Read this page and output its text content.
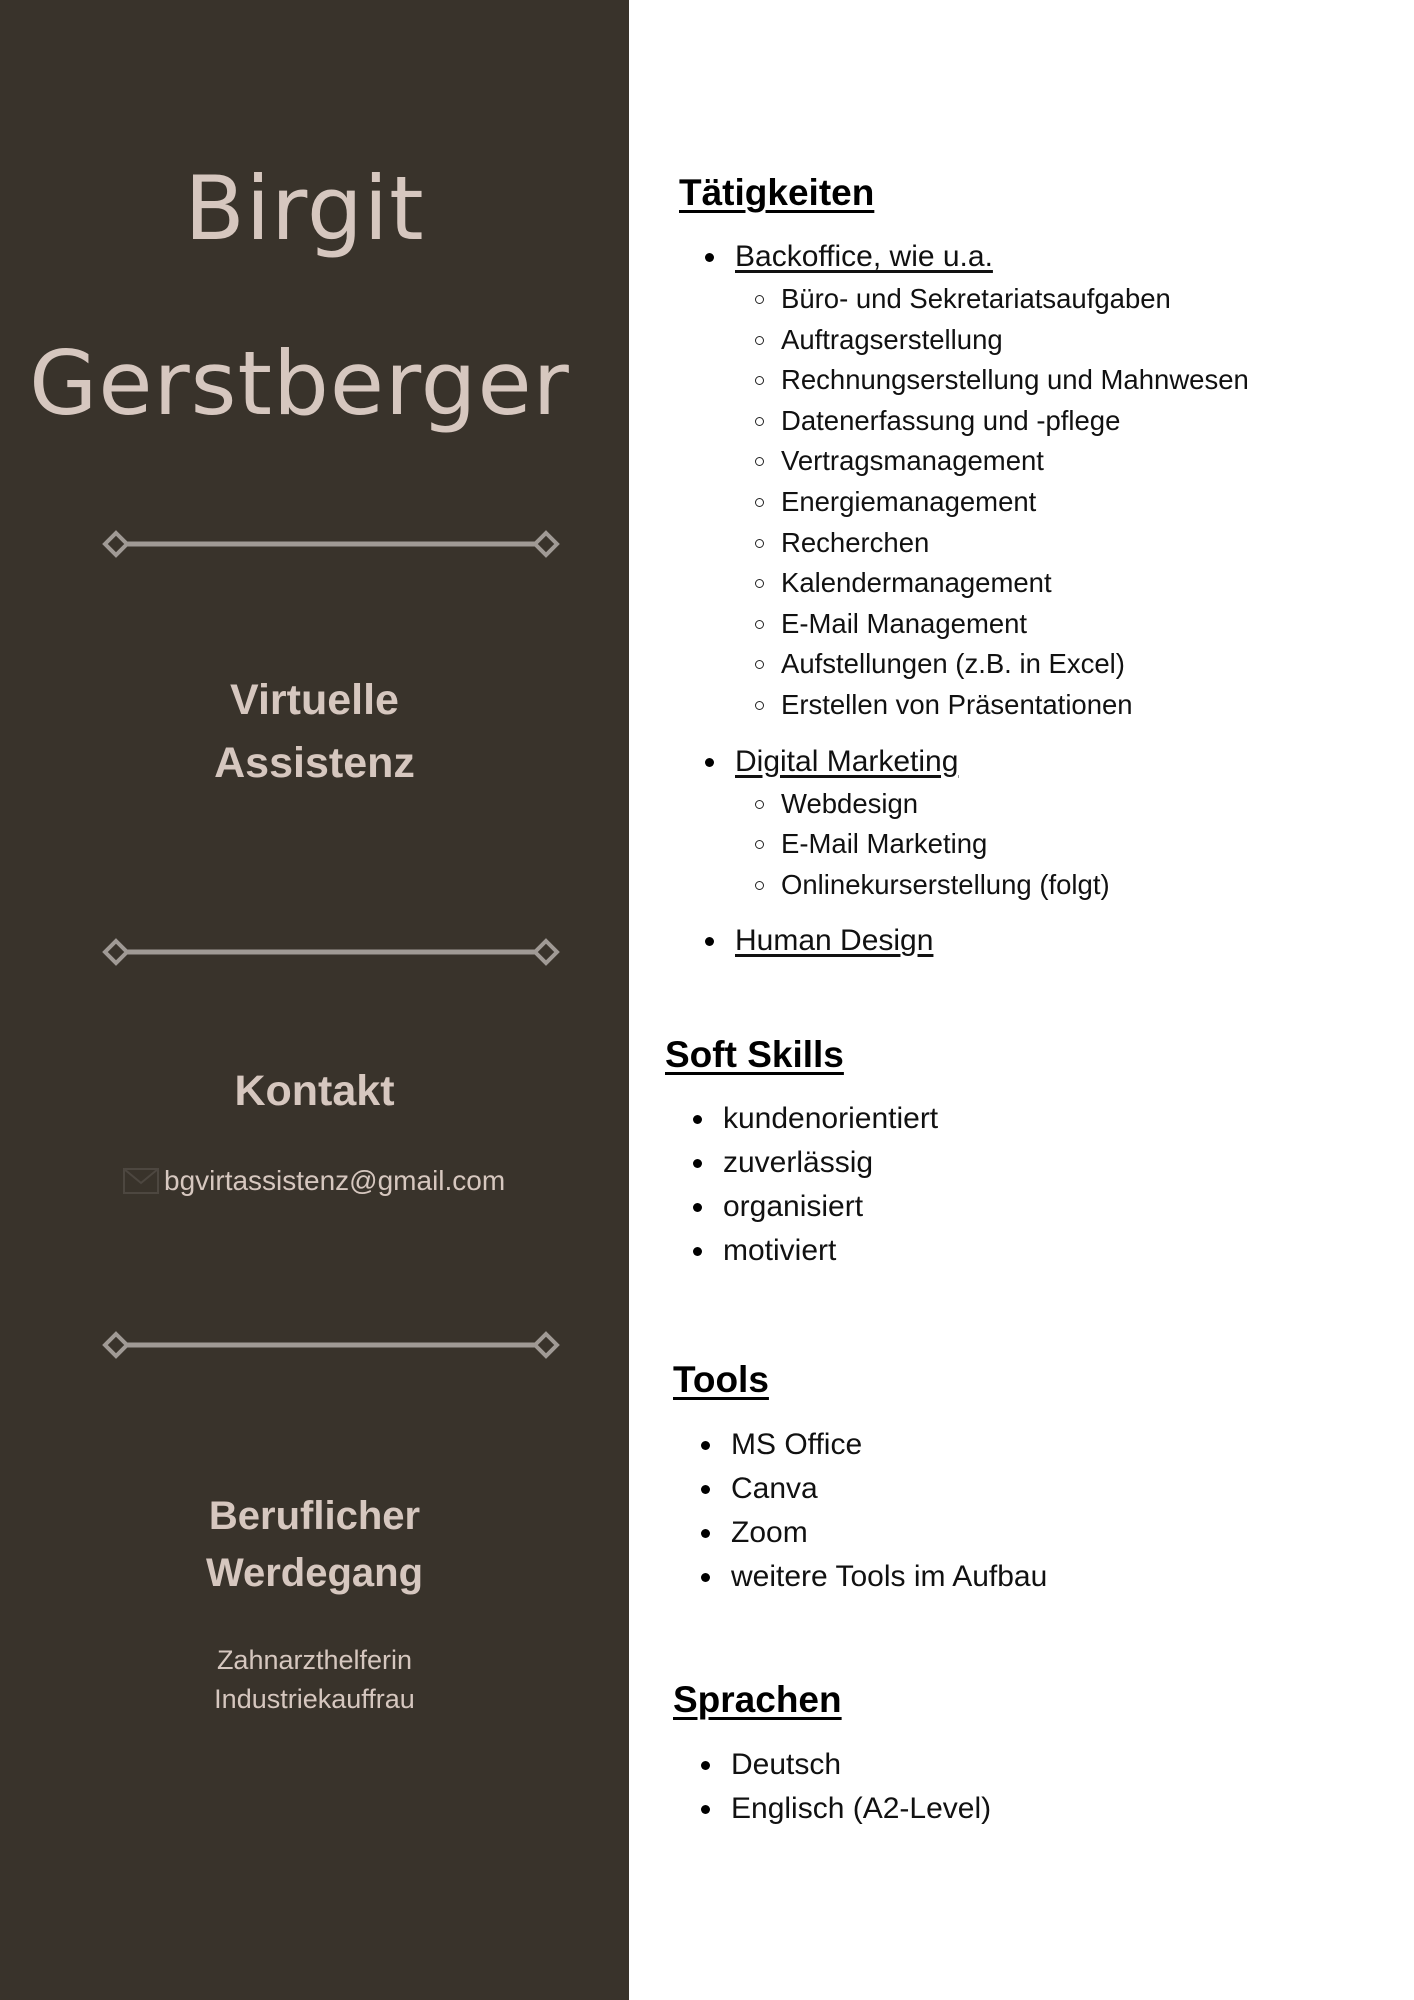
Birgit
Gerstberger
Virtuelle
Assistenz
Kontakt
bgvirtassistenz@gmail.com
Beruflicher
Werdegang
Zahnarzthelferin
Industriekauffrau
Tätigkeiten
Backoffice, wie u.a.
Büro- und Sekretariatsaufgaben
Auftragserstellung
Rechnungserstellung und Mahnwesen
Datenerfassung und -pflege
Vertragsmanagement
Energiemanagement
Recherchen
Kalendermanagement
E-Mail Management
Aufstellungen (z.B. in Excel)
Erstellen von Präsentationen
Digital Marketing
Webdesign
E-Mail Marketing
Onlinekurserstellung (folgt)
Human Design
Soft Skills
kundenorientiert
zuverlässig
organisiert
motiviert
Tools
MS Office
Canva
Zoom
weitere Tools im Aufbau
Sprachen
Deutsch
Englisch (A2-Level)
